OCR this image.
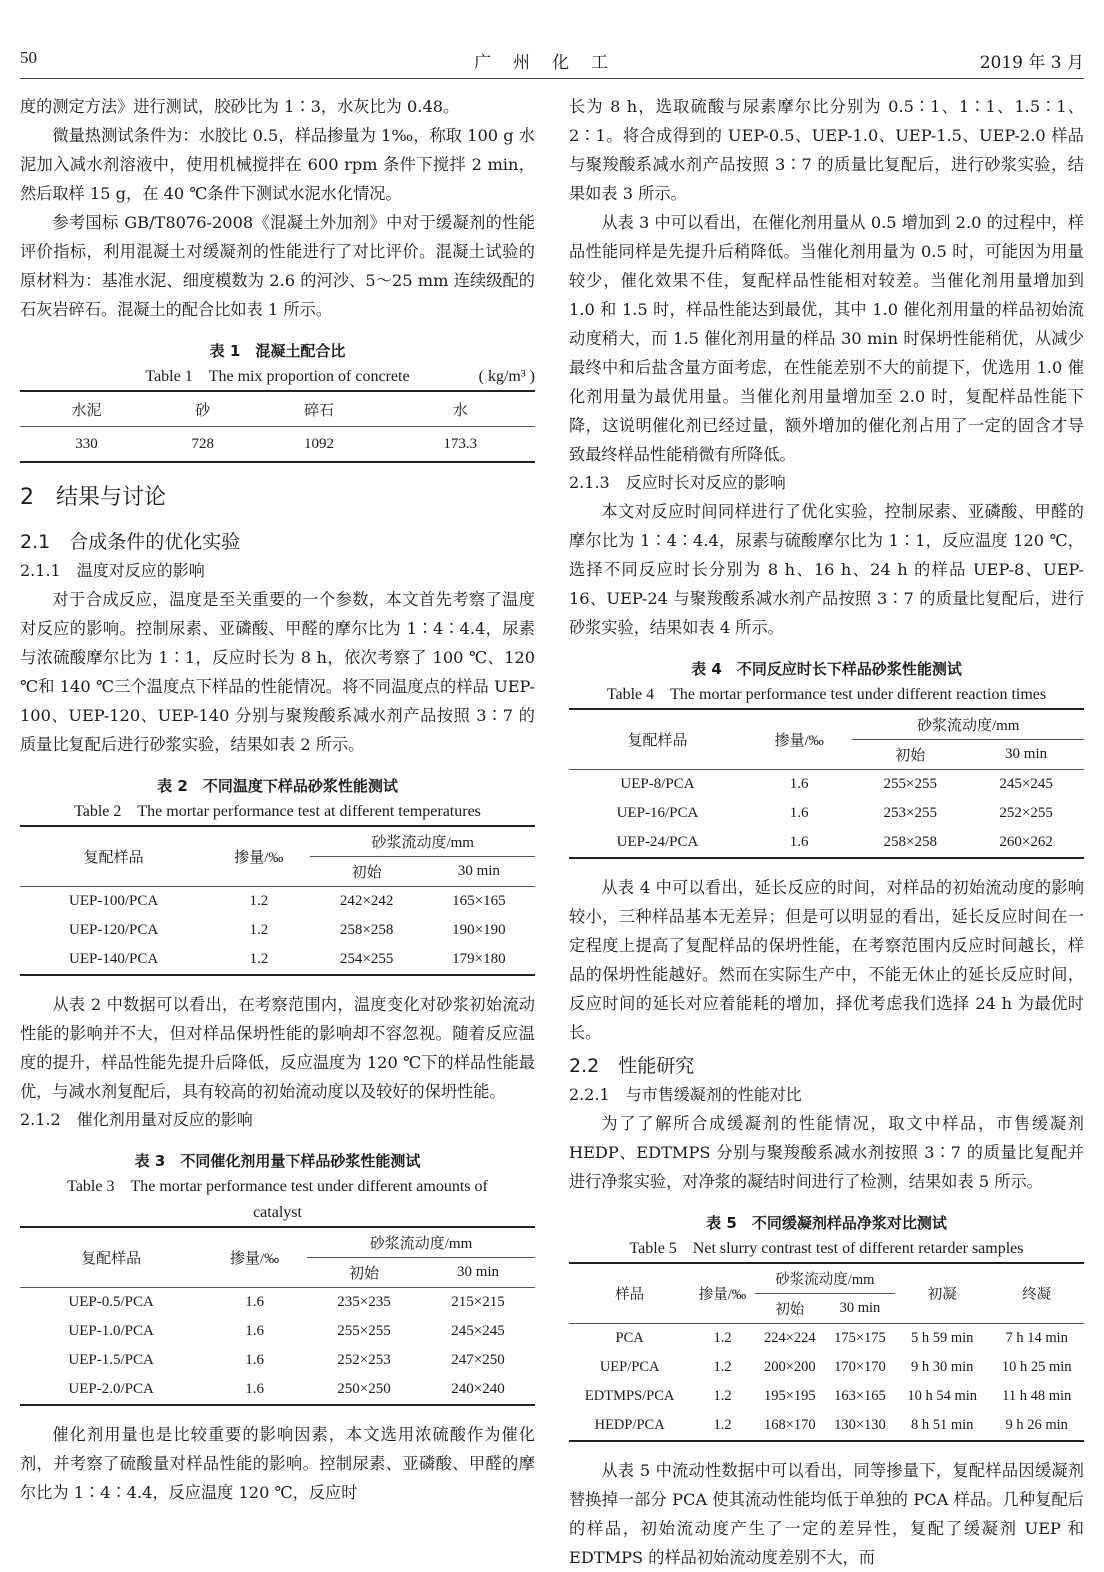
50	广州化工	2019 年 3 月

度的测定方法》进行测试，胶砂比为 1∶3，水灰比为 0.48。

微量热测试条件为：水胶比 0.5，样品掺量为 1‰，称取 100 g 水泥加入减水剂溶液中，使用机械搅拌在 600 rpm 条件下搅拌 2 min，然后取样 15 g，在 40 ℃条件下测试水泥水化情况。

参考国标 GB/T8076-2008《混凝土外加剂》中对于缓凝剂的性能评价指标，利用混凝土对缓凝剂的性能进行了对比评价。混凝土试验的原材料为：基准水泥、细度模数为 2.6 的河沙、5～25 mm 连续级配的石灰岩碎石。混凝土的配合比如表 1 所示。

表 1　混凝土配合比
Table 1　The mix proportion of concrete	( kg/m³ )
水泥	砂	碎石	水
330	728	1092	173.3
2　结果与讨论
2.1　合成条件的优化实验
2.1.1　温度对反应的影响

对于合成反应，温度是至关重要的一个参数，本文首先考察了温度对反应的影响。控制尿素、亚磷酸、甲醛的摩尔比为 1∶4∶4.4，尿素与浓硫酸摩尔比为 1∶1，反应时长为 8 h，依次考察了 100 ℃、120 ℃和 140 ℃三个温度点下样品的性能情况。将不同温度点的样品 UEP-100、UEP-120、UEP-140 分别与聚羧酸系减水剂产品按照 3∶7 的质量比复配后进行砂浆实验，结果如表 2 所示。

表 2　不同温度下样品砂浆性能测试
Table 2　The mortar performance test at different temperatures
复配样品	掺量/‰	砂浆流动度/mm	
		初始	30 min
UEP-100/PCA	1.2	242×242	165×165
UEP-120/PCA	1.2	258×258	190×190
UEP-140/PCA	1.2	254×255	179×180

从表 2 中数据可以看出，在考察范围内，温度变化对砂浆初始流动性能的影响并不大，但对样品保坍性能的影响却不容忽视。随着反应温度的提升，样品性能先提升后降低，反应温度为 120 ℃下的样品性能最优，与减水剂复配后，具有较高的初始流动度以及较好的保坍性能。

2.1.2　催化剂用量对反应的影响
表 3　不同催化剂用量下样品砂浆性能测试
Table 3　The mortar performance test under different amounts of catalyst
复配样品	掺量/‰	砂浆流动度/mm	
		初始	30 min
UEP-0.5/PCA	1.6	235×235	215×215
UEP-1.0/PCA	1.6	255×255	245×245
UEP-1.5/PCA	1.6	252×253	247×250
UEP-2.0/PCA	1.6	250×250	240×240

催化剂用量也是比较重要的影响因素，本文选用浓硫酸作为催化剂，并考察了硫酸量对样品性能的影响。控制尿素、亚磷酸、甲醛的摩尔比为 1∶4∶4.4，反应温度 120 ℃，反应时

长为 8 h，选取硫酸与尿素摩尔比分别为 0.5∶1、1∶1、1.5∶1、2∶1。将合成得到的 UEP-0.5、UEP-1.0、UEP-1.5、UEP-2.0 样品与聚羧酸系减水剂产品按照 3∶7 的质量比复配后，进行砂浆实验，结果如表 3 所示。

从表 3 中可以看出，在催化剂用量从 0.5 增加到 2.0 的过程中，样品性能同样是先提升后稍降低。当催化剂用量为 0.5 时，可能因为用量较少，催化效果不佳，复配样品性能相对较差。当催化剂用量增加到 1.0 和 1.5 时，样品性能达到最优，其中 1.0 催化剂用量的样品初始流动度稍大，而 1.5 催化剂用量的样品 30 min 时保坍性能稍优，从减少最终中和后盐含量方面考虑，在性能差别不大的前提下，优选用 1.0 催化剂用量为最优用量。当催化剂用量增加至 2.0 时，复配样品性能下降，这说明催化剂已经过量，额外增加的催化剂占用了一定的固含才导致最终样品性能稍微有所降低。

2.1.3　反应时长对反应的影响

本文对反应时间同样进行了优化实验，控制尿素、亚磷酸、甲醛的摩尔比为 1∶4∶4.4，尿素与硫酸摩尔比为 1∶1，反应温度 120 ℃，选择不同反应时长分别为 8 h、16 h、24 h 的样品 UEP-8、UEP-16、UEP-24 与聚羧酸系减水剂产品按照 3∶7 的质量比复配后，进行砂浆实验，结果如表 4 所示。

表 4　不同反应时长下样品砂浆性能测试
Table 4　The mortar performance test under different reaction times
复配样品	掺量/‰	砂浆流动度/mm	
		初始	30 min
UEP-8/PCA	1.6	255×255	245×245
UEP-16/PCA	1.6	253×255	252×255
UEP-24/PCA	1.6	258×258	260×262

从表 4 中可以看出，延长反应的时间，对样品的初始流动度的影响较小，三种样品基本无差异；但是可以明显的看出，延长反应时间在一定程度上提高了复配样品的保坍性能，在考察范围内反应时间越长，样品的保坍性能越好。然而在实际生产中，不能无休止的延长反应时间，反应时间的延长对应着能耗的增加，择优考虑我们选择 24 h 为最优时长。

2.2　性能研究
2.2.1　与市售缓凝剂的性能对比

为了了解所合成缓凝剂的性能情况，取文中样品，市售缓凝剂 HEDP、EDTMPS 分别与聚羧酸系减水剂按照 3∶7 的质量比复配并进行净浆实验，对净浆的凝结时间进行了检测，结果如表 5 所示。

表 5　不同缓凝剂样品净浆对比测试
Table 5　Net slurry contrast test of different retarder samples
样品	掺量/‰	砂浆流动度/mm		初凝	终凝
		初始	30 min		
PCA	1.2	224×224	175×175	5 h 59 min	7 h 14 min
UEP/PCA	1.2	200×200	170×170	9 h 30 min	10 h 25 min
EDTMPS/PCA	1.2	195×195	163×165	10 h 54 min	11 h 48 min
HEDP/PCA	1.2	168×170	130×130	8 h 51 min	9 h 26 min

从表 5 中流动性数据中可以看出，同等掺量下，复配样品因缓凝剂替换掉一部分 PCA 使其流动性能均低于单独的 PCA 样品。几种复配后的样品，初始流动度产生了一定的差异性，复配了缓凝剂 UEP 和 EDTMPS 的样品初始流动度差别不大，而
